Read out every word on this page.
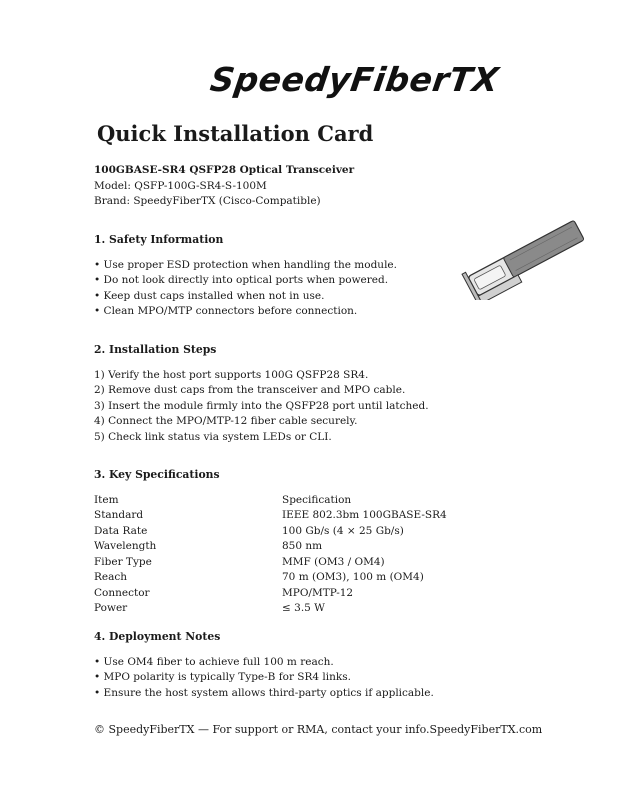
SpeedyFiberTX
Quick Installation Card
100GBASE-SR4 QSFP28 Optical Transceiver
Model: QSFP-100G-SR4-S-100M
Brand: SpeedyFiberTX (Cisco-Compatible)
1. Safety Information
• Use proper ESD protection when handling the module.
• Do not look directly into optical ports when powered.
• Keep dust caps installed when not in use.
• Clean MPO/MTP connectors before connection.
2. Installation Steps
1) Verify the host port supports 100G QSFP28 SR4.
2) Remove dust caps from the transceiver and MPO cable.
3) Insert the module firmly into the QSFP28 port until latched.
4) Connect the MPO/MTP-12 fiber cable securely.
5) Check link status via system LEDs or CLI.
3. Key Specifications
Item	Specification
Standard	IEEE 802.3bm 100GBASE-SR4
Data Rate	100 Gb/s (4 × 25 Gb/s)
Wavelength	850 nm
Fiber Type	MMF (OM3 / OM4)
Reach	70 m (OM3), 100 m (OM4)
Connector	MPO/MTP-12
Power	≤ 3.5 W
4. Deployment Notes
• Use OM4 fiber to achieve full 100 m reach.
• MPO polarity is typically Type-B for SR4 links.
• Ensure the host system allows third-party optics if applicable.
© SpeedyFiberTX — For support or RMA, contact your info.SpeedyFiberTX.com
